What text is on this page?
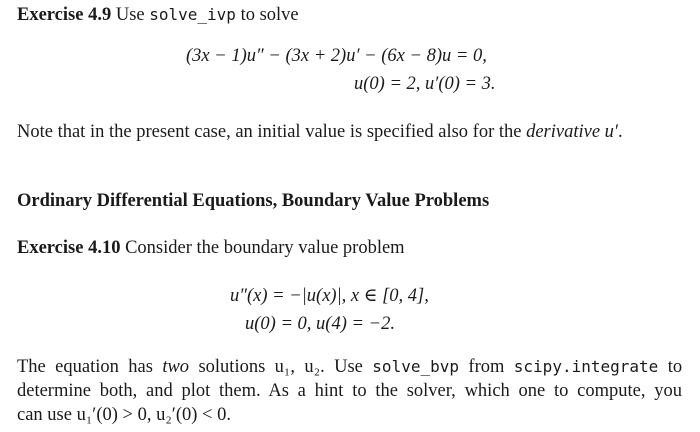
Exercise 4.9 Use solve_ivp to solve
(3x − 1)u″ − (3x + 2)u′ − (6x − 8)u = 0,
u(0) = 2, u′(0) = 3.
Note that in the present case, an initial value is specified also for the derivative u′.
Ordinary Differential Equations, Boundary Value Problems
Exercise 4.10 Consider the boundary value problem
u″(x) = −|u(x)|, x ∈ [0, 4],
u(0) = 0, u(4) = −2.
The equation has two solutions u₁, u₂. Use solve_bvp from scipy.integrate to
determine both, and plot them. As a hint to the solver, which one to compute, you
can use u₁′(0) > 0, u₂′(0) < 0.
